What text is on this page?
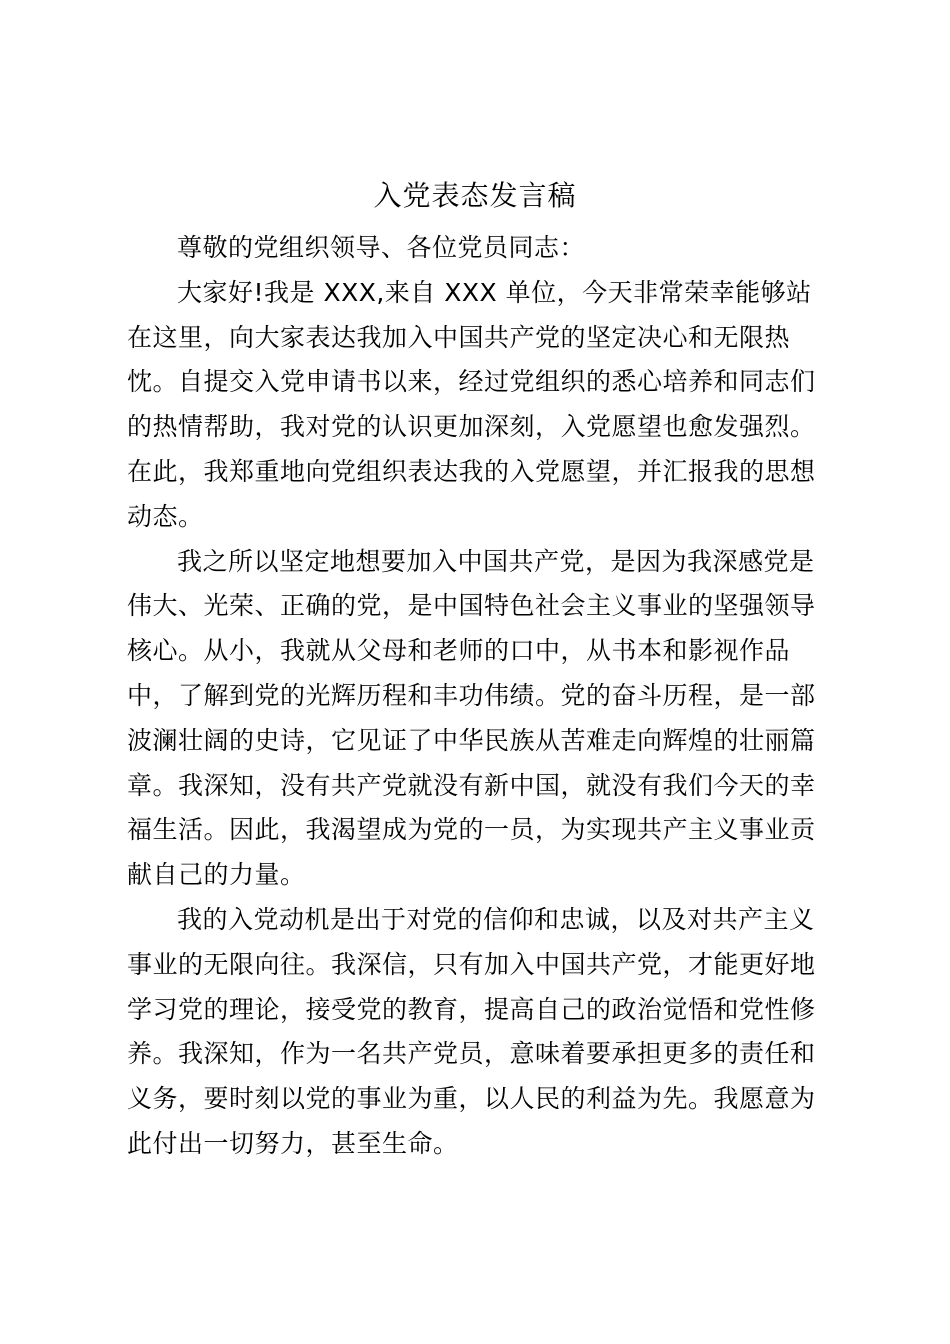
入党表态发言稿

尊敬的党组织领导、各位党员同志：

大家好!我是 XXX,来自 XXX 单位，今天非常荣幸能够站在这里，向大家表达我加入中国共产党的坚定决心和无限热忱。自提交入党申请书以来，经过党组织的悉心培养和同志们的热情帮助，我对党的认识更加深刻，入党愿望也愈发强烈。在此，我郑重地向党组织表达我的入党愿望，并汇报我的思想动态。

我之所以坚定地想要加入中国共产党，是因为我深感党是伟大、光荣、正确的党，是中国特色社会主义事业的坚强领导核心。从小，我就从父母和老师的口中，从书本和影视作品中，了解到党的光辉历程和丰功伟绩。党的奋斗历程，是一部波澜壮阔的史诗，它见证了中华民族从苦难走向辉煌的壮丽篇章。我深知，没有共产党就没有新中国，就没有我们今天的幸福生活。因此，我渴望成为党的一员，为实现共产主义事业贡献自己的力量。

我的入党动机是出于对党的信仰和忠诚，以及对共产主义事业的无限向往。我深信，只有加入中国共产党，才能更好地学习党的理论，接受党的教育，提高自己的政治觉悟和党性修养。我深知，作为一名共产党员，意味着要承担更多的责任和义务，要时刻以党的事业为重，以人民的利益为先。我愿意为此付出一切努力，甚至生命。
